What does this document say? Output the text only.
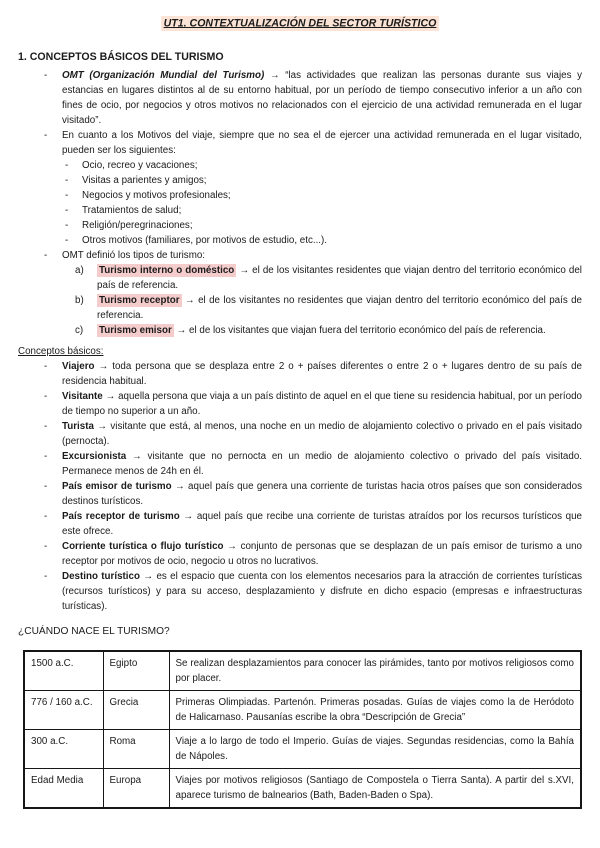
UT1. CONTEXTUALIZACIÓN DEL SECTOR TURÍSTICO
1. CONCEPTOS BÁSICOS DEL TURISMO
- OMT (Organización Mundial del Turismo) → “las actividades que realizan las personas durante sus viajes y estancias en lugares distintos al de su entorno habitual, por un período de tiempo consecutivo inferior a un año con fines de ocio, por negocios y otros motivos no relacionados con el ejercicio de una actividad remunerada en el lugar visitado”.
- En cuanto a los Motivos del viaje, siempre que no sea el de ejercer una actividad remunerada en el lugar visitado, pueden ser los siguientes:
- Ocio, recreo y vacaciones;
- Visitas a parientes y amigos;
- Negocios y motivos profesionales;
- Tratamientos de salud;
- Religión/peregrinaciones;
- Otros motivos (familiares, por motivos de estudio, etc...).
- OMT definió los tipos de turismo:
a) Turismo interno o doméstico → el de los visitantes residentes que viajan dentro del territorio económico del país de referencia.
b) Turismo receptor → el de los visitantes no residentes que viajan dentro del territorio económico del país de referencia.
c) Turismo emisor → el de los visitantes que viajan fuera del territorio económico del país de referencia.
Conceptos básicos:
- Viajero → toda persona que se desplaza entre 2 o + países diferentes o entre 2 o + lugares dentro de su país de residencia habitual.
- Visitante → aquella persona que viaja a un país distinto de aquel en el que tiene su residencia habitual, por un período de tiempo no superior a un año.
- Turista → visitante que está, al menos, una noche en un medio de alojamiento colectivo o privado en el país visitado (pernocta).
- Excursionista → visitante que no pernocta en un medio de alojamiento colectivo o privado del país visitado. Permanece menos de 24h en él.
- País emisor de turismo → aquel país que genera una corriente de turistas hacia otros países que son considerados destinos turísticos.
- País receptor de turismo → aquel país que recibe una corriente de turistas atraídos por los recursos turísticos que este ofrece.
- Corriente turística o flujo turístico → conjunto de personas que se desplazan de un país emisor de turismo a uno receptor por motivos de ocio, negocio u otros no lucrativos.
- Destino turístico → es el espacio que cuenta con los elementos necesarios para la atracción de corrientes turísticas (recursos turísticos) y para su acceso, desplazamiento y disfrute en dicho espacio (empresas e infraestructuras turísticas).
¿CUÁNDO NACE EL TURISMO?
1500 a.C.	Egipto	Se realizan desplazamientos para conocer las pirámides, tanto por motivos religiosos como por placer.
776 / 160 a.C.	Grecia	Primeras Olimpiadas. Partenón. Primeras posadas. Guías de viajes como la de Heródoto de Halicarnaso. Pausanías escribe la obra “Descripción de Grecia”
300 a.C.	Roma	Viaje a lo largo de todo el Imperio. Guías de viajes. Segundas residencias, como la Bahía de Nápoles.
Edad Media	Europa	Viajes por motivos religiosos (Santiago de Compostela o Tierra Santa). A partir del s.XVI, aparece turismo de balnearios (Bath, Baden-Baden o Spa).
